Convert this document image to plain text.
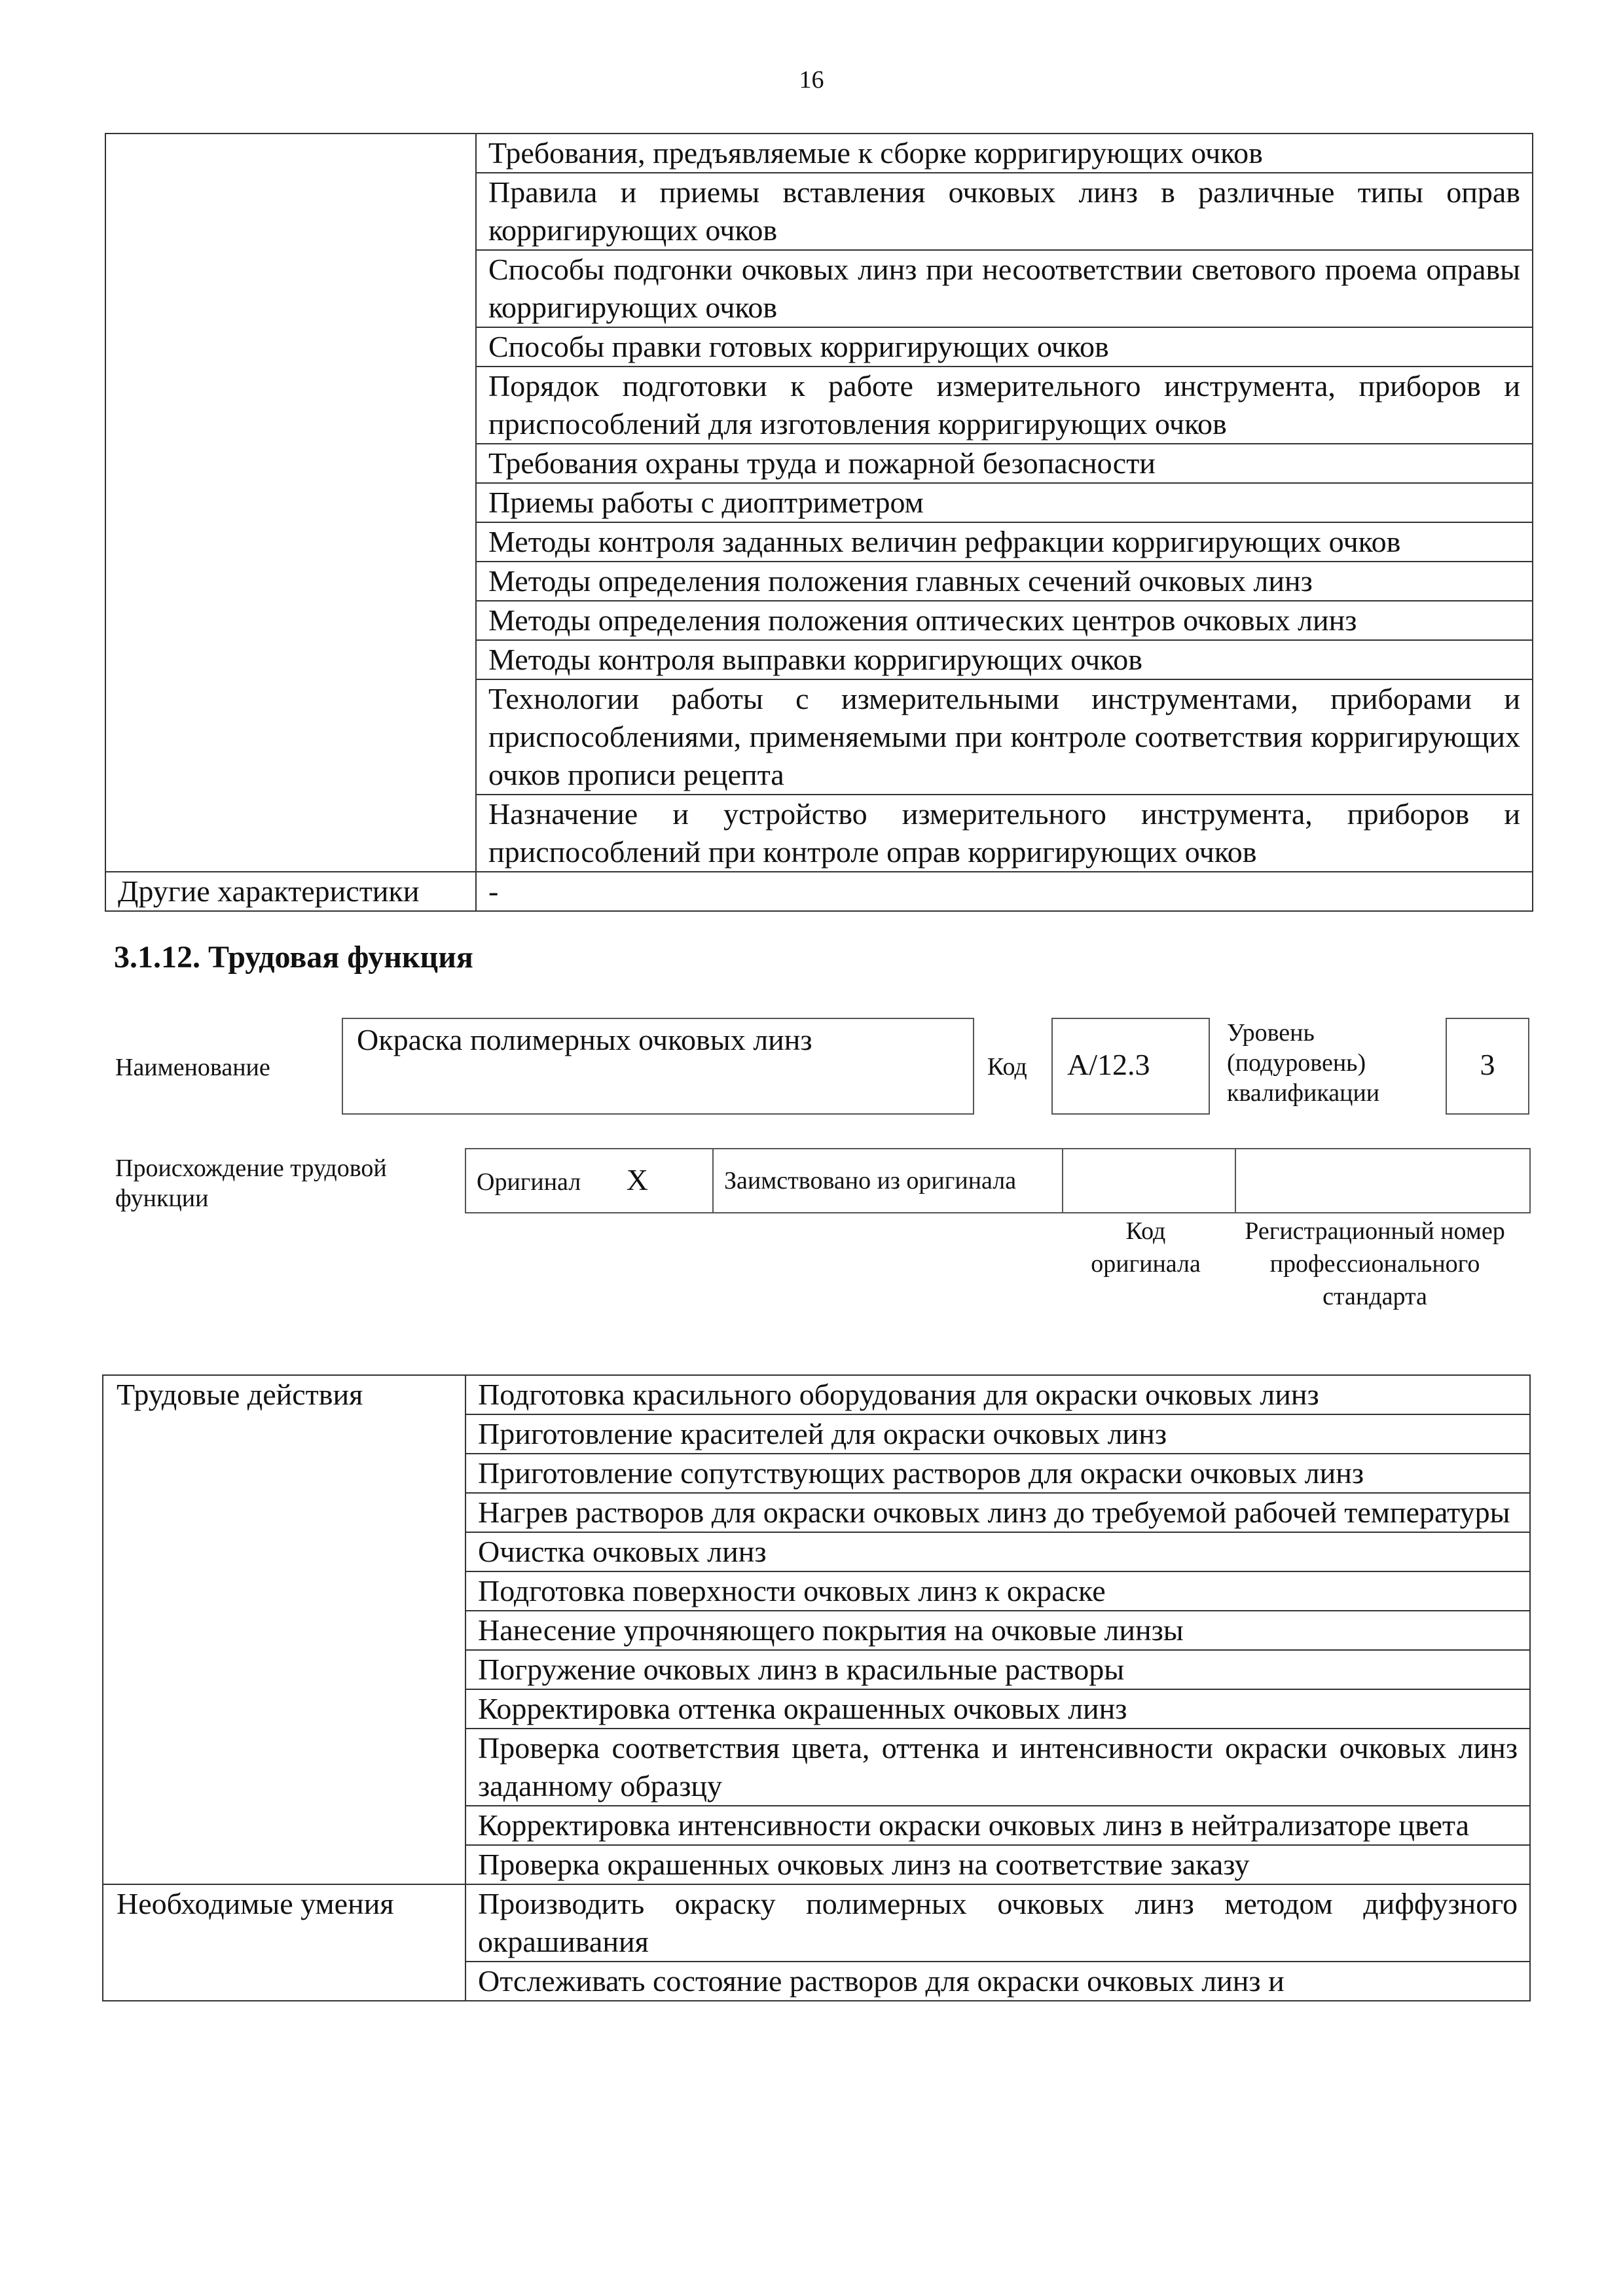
16
	Требования, предъявляемые к сборке корригирующих очков
	Правила и приемы вставления очковых линз в различные типы оправ корригирующих очков
	Способы подгонки очковых линз при несоответствии светового проема оправы корригирующих очков
	Способы правки готовых корригирующих очков
	Порядок подготовки к работе измерительного инструмента, приборов и приспособлений для изготовления корригирующих очков
	Требования охраны труда и пожарной безопасности
	Приемы работы с диоптриметром
	Методы контроля заданных величин рефракции корригирующих очков
	Методы определения положения главных сечений очковых линз
	Методы определения положения оптических центров очковых линз
	Методы контроля выправки корригирующих очков
	Технологии работы с измерительными инструментами, приборами и приспособлениями, применяемыми при контроле соответствия корригирующих очков прописи рецепта
	Назначение и устройство измерительного инструмента, приборов и приспособлений при контроле оправ корригирующих очков
Другие характеристики	-
3.1.12. Трудовая функция
Наименование
Окраска полимерных очковых линз
Код А/12.3
Уровень (подуровень) квалификации
3
Происхождение трудовой функции
Оригинал X	Заимствовано из оригинала		
Код оригинала
Регистрационный номер профессионального стандарта
Трудовые действия	Подготовка красильного оборудования для окраски очковых линз
	Приготовление красителей для окраски очковых линз
	Приготовление сопутствующих растворов для окраски очковых линз
	Нагрев растворов для окраски очковых линз до требуемой рабочей температуры
	Очистка очковых линз
	Подготовка поверхности очковых линз к окраске
	Нанесение упрочняющего покрытия на очковые линзы
	Погружение очковых линз в красильные растворы
	Корректировка оттенка окрашенных очковых линз
	Проверка соответствия цвета, оттенка и интенсивности окраски очковых линз заданному образцу
	Корректировка интенсивности окраски очковых линз в нейтрализаторе цвета
	Проверка окрашенных очковых линз на соответствие заказу
Необходимые умения	Производить окраску полимерных очковых линз методом диффузного окрашивания
	Отслеживать состояние растворов для окраски очковых линз и
